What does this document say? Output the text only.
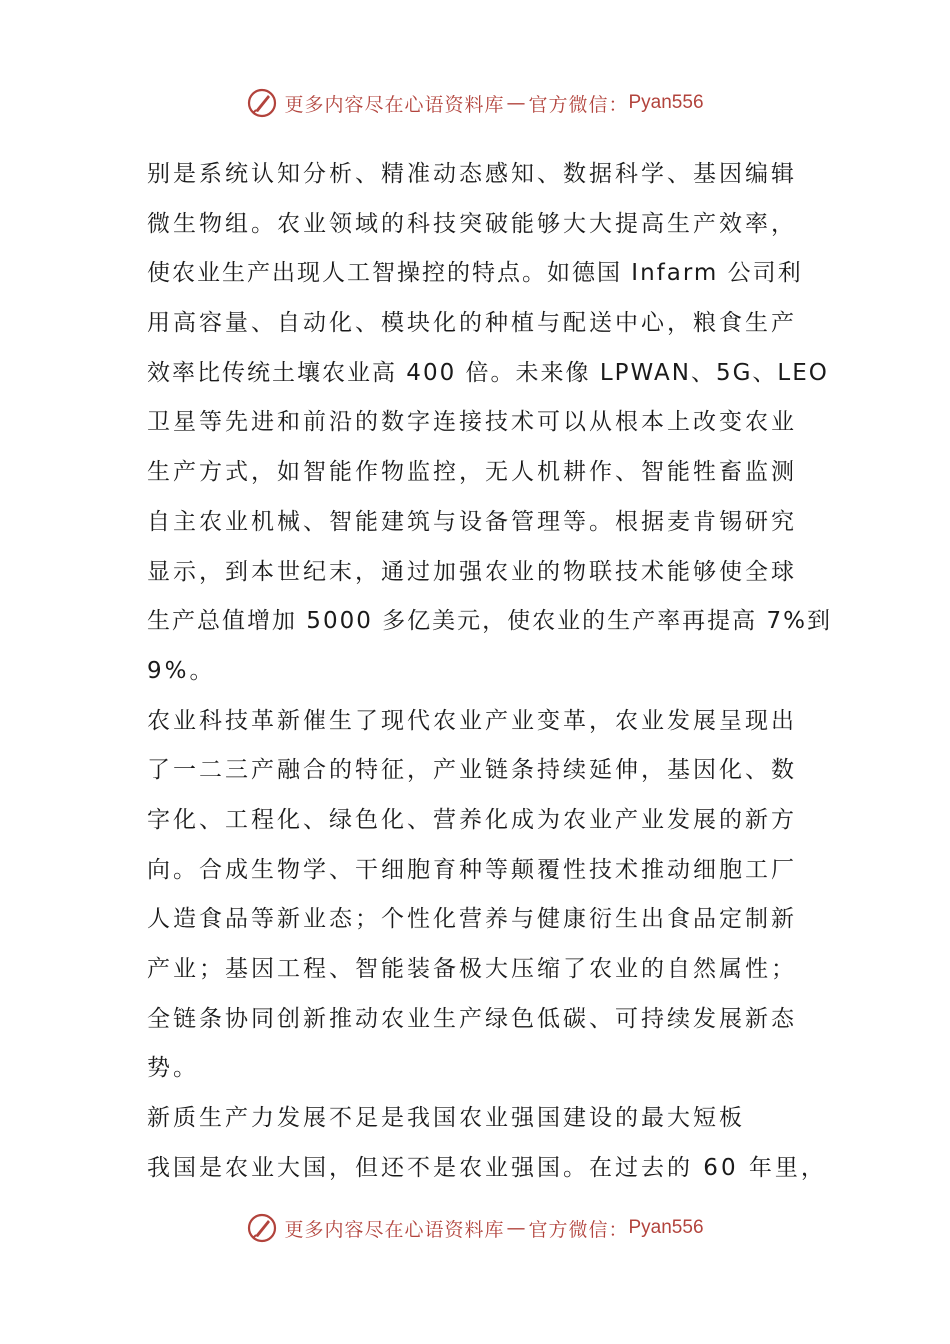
更多内容尽在心语资料库 — 官方微信： Pyan556
别是系统认知分析、精准动态感知、数据科学、基因编辑
微生物组。农业领域的科技突破能够大大提高生产效率，
使农业生产出现人工智操控的特点。如德国 Infarm 公司利
用高容量、自动化、模块化的种植与配送中心，粮食生产
效率比传统土壤农业高 400 倍。未来像 LPWAN、5G、LEO
卫星等先进和前沿的数字连接技术可以从根本上改变农业
生产方式，如智能作物监控，无人机耕作、智能牲畜监测
自主农业机械、智能建筑与设备管理等。根据麦肯锡研究
显示，到本世纪末，通过加强农业的物联技术能够使全球
生产总值增加 5000 多亿美元，使农业的生产率再提高 7%到
9%。
农业科技革新催生了现代农业产业变革，农业发展呈现出
了一二三产融合的特征，产业链条持续延伸，基因化、数
字化、工程化、绿色化、营养化成为农业产业发展的新方
向。合成生物学、干细胞育种等颠覆性技术推动细胞工厂
人造食品等新业态；个性化营养与健康衍生出食品定制新
产业；基因工程、智能装备极大压缩了农业的自然属性；
全链条协同创新推动农业生产绿色低碳、可持续发展新态
势。
新质生产力发展不足是我国农业强国建设的最大短板
我国是农业大国，但还不是农业强国。在过去的 60 年里，
更多内容尽在心语资料库 — 官方微信： Pyan556
